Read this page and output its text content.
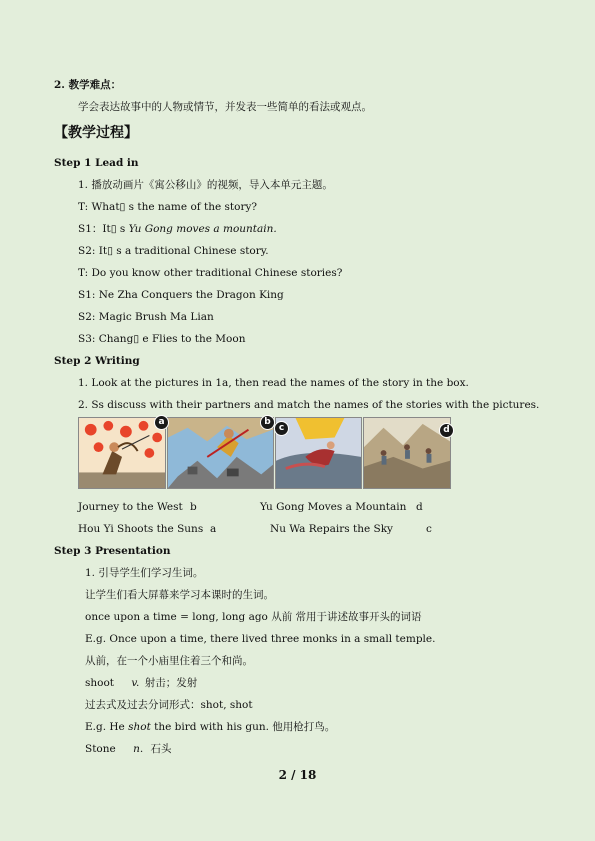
2. 教学难点：
学会表达故事中的人物或情节，并发表一些简单的看法或观点。
【教学过程】
Step 1 Lead in
1. 播放动画片《寓公移山》的视频，导入本单元主题。
T: What▯ s the name of the story?
S1：It▯ s Yu Gong moves a mountain.
S2: It▯ s a traditional Chinese story.
T: Do you know other traditional Chinese stories?
S1: Ne Zha Conquers the Dragon King
S2: Magic Brush Ma Lian
S3: Chang▯ e Flies to the Moon
Step 2 Writing
1. Look at the pictures in 1a, then read the names of the story in the box.
2. Ss discuss with their partners and match the names of the stories with the pictures.
a	b
c	d
Journey to the West b	Yu Gong Moves a Mountain d
Hou Yi Shoots the Suns a	Nu Wa Repairs the Sky	c
Step 3 Presentation
1. 引导学生们学习生词。
让学生们看大屏幕来学习本课时的生词。
once upon a time = long, long ago 从前 常用于讲述故事开头的词语
E.g. Once upon a time, there lived three monks in a small temple.
从前，在一个小庙里住着三个和尚。
shoot v. 射击；发射
过去式及过去分词形式：shot, shot
E.g. He shot the bird with his gun. 他用枪打鸟。
Stone n. 石头
2 / 18
